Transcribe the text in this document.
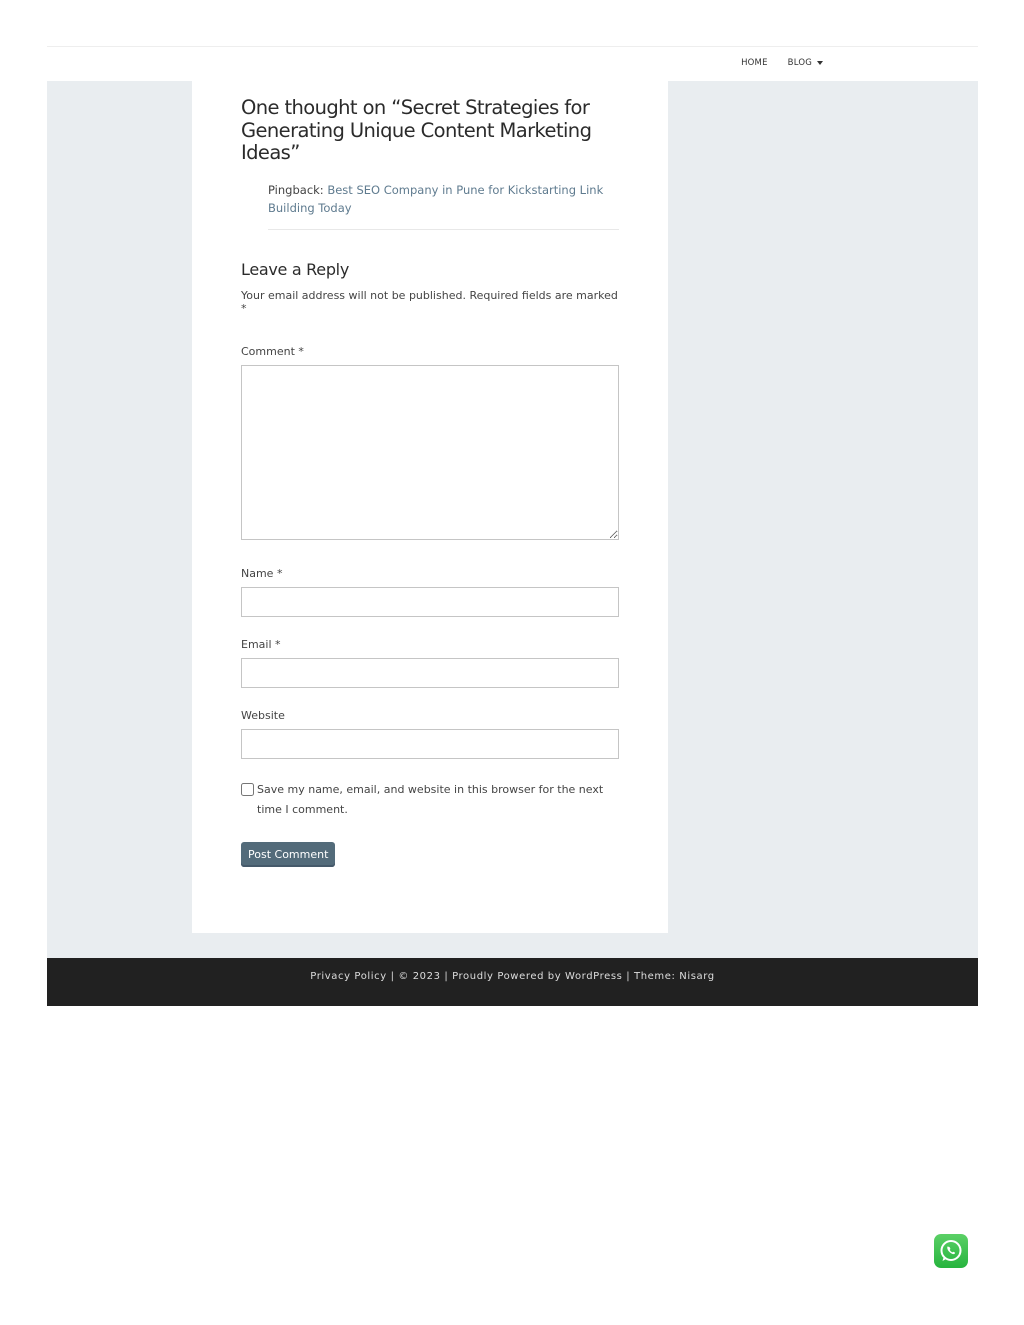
HOME BLOG
One thought on “Secret Strategies for Generating Unique Content Marketing Ideas”
Pingback: Best SEO Company in Pune for Kickstarting Link Building Today
Leave a Reply
Your email address will not be published. Required fields are marked *
Comment *
Name *
Email *
Website
Save my name, email, and website in this browser for the next time I comment.
Post Comment
Privacy Policy | © 2023 | Proudly Powered by WordPress | Theme: Nisarg
